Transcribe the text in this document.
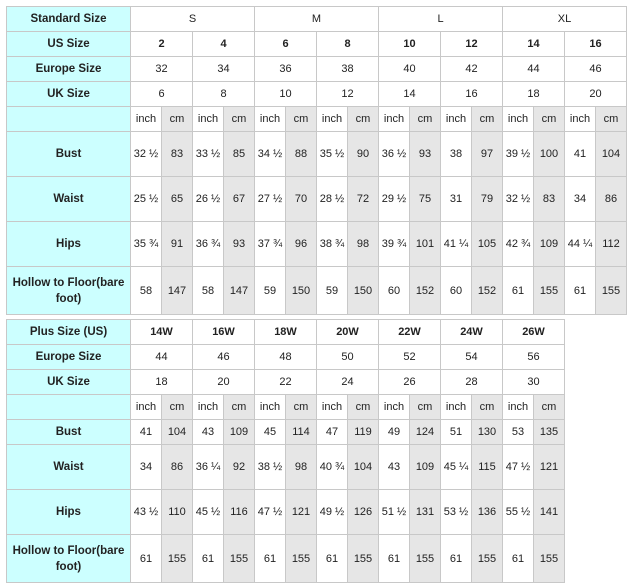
Standard Size	S				M				L				XL			
US Size	2		4		6		8		10		12		14		16	
Europe Size	32		34		36		38		40		42		44		46	
UK Size	6		8		10		12		14		16		18		20	
	inch	cm	inch	cm	inch	cm	inch	cm	inch	cm	inch	cm	inch	cm	inch	cm
Bust	32 ½	83	33 ½	85	34 ½	88	35 ½	90	36 ½	93	38	97	39 ½	100	41	104
Waist	25 ½	65	26 ½	67	27 ½	70	28 ½	72	29 ½	75	31	79	32 ½	83	34	86
Hips	35 ¾	91	36 ¾	93	37 ¾	96	38 ¾	98	39 ¾	101	41 ¼	105	42 ¾	109	44 ¼	112
Hollow to Floor(bare foot)	58	147	58	147	59	150	59	150	60	152	60	152	61	155	61	155
Plus Size (US)	14W		16W		18W		20W		22W		24W		26W	
Europe Size	44		46		48		50		52		54		56	
UK Size	18		20		22		24		26		28		30	
	inch	cm	inch	cm	inch	cm	inch	cm	inch	cm	inch	cm	inch	cm
Bust	41	104	43	109	45	114	47	119	49	124	51	130	53	135
Waist	34	86	36 ¼	92	38 ½	98	40 ¾	104	43	109	45 ¼	115	47 ½	121
Hips	43 ½	110	45 ½	116	47 ½	121	49 ½	126	51 ½	131	53 ½	136	55 ½	141
Hollow to Floor(bare foot)	61	155	61	155	61	155	61	155	61	155	61	155	61	155
